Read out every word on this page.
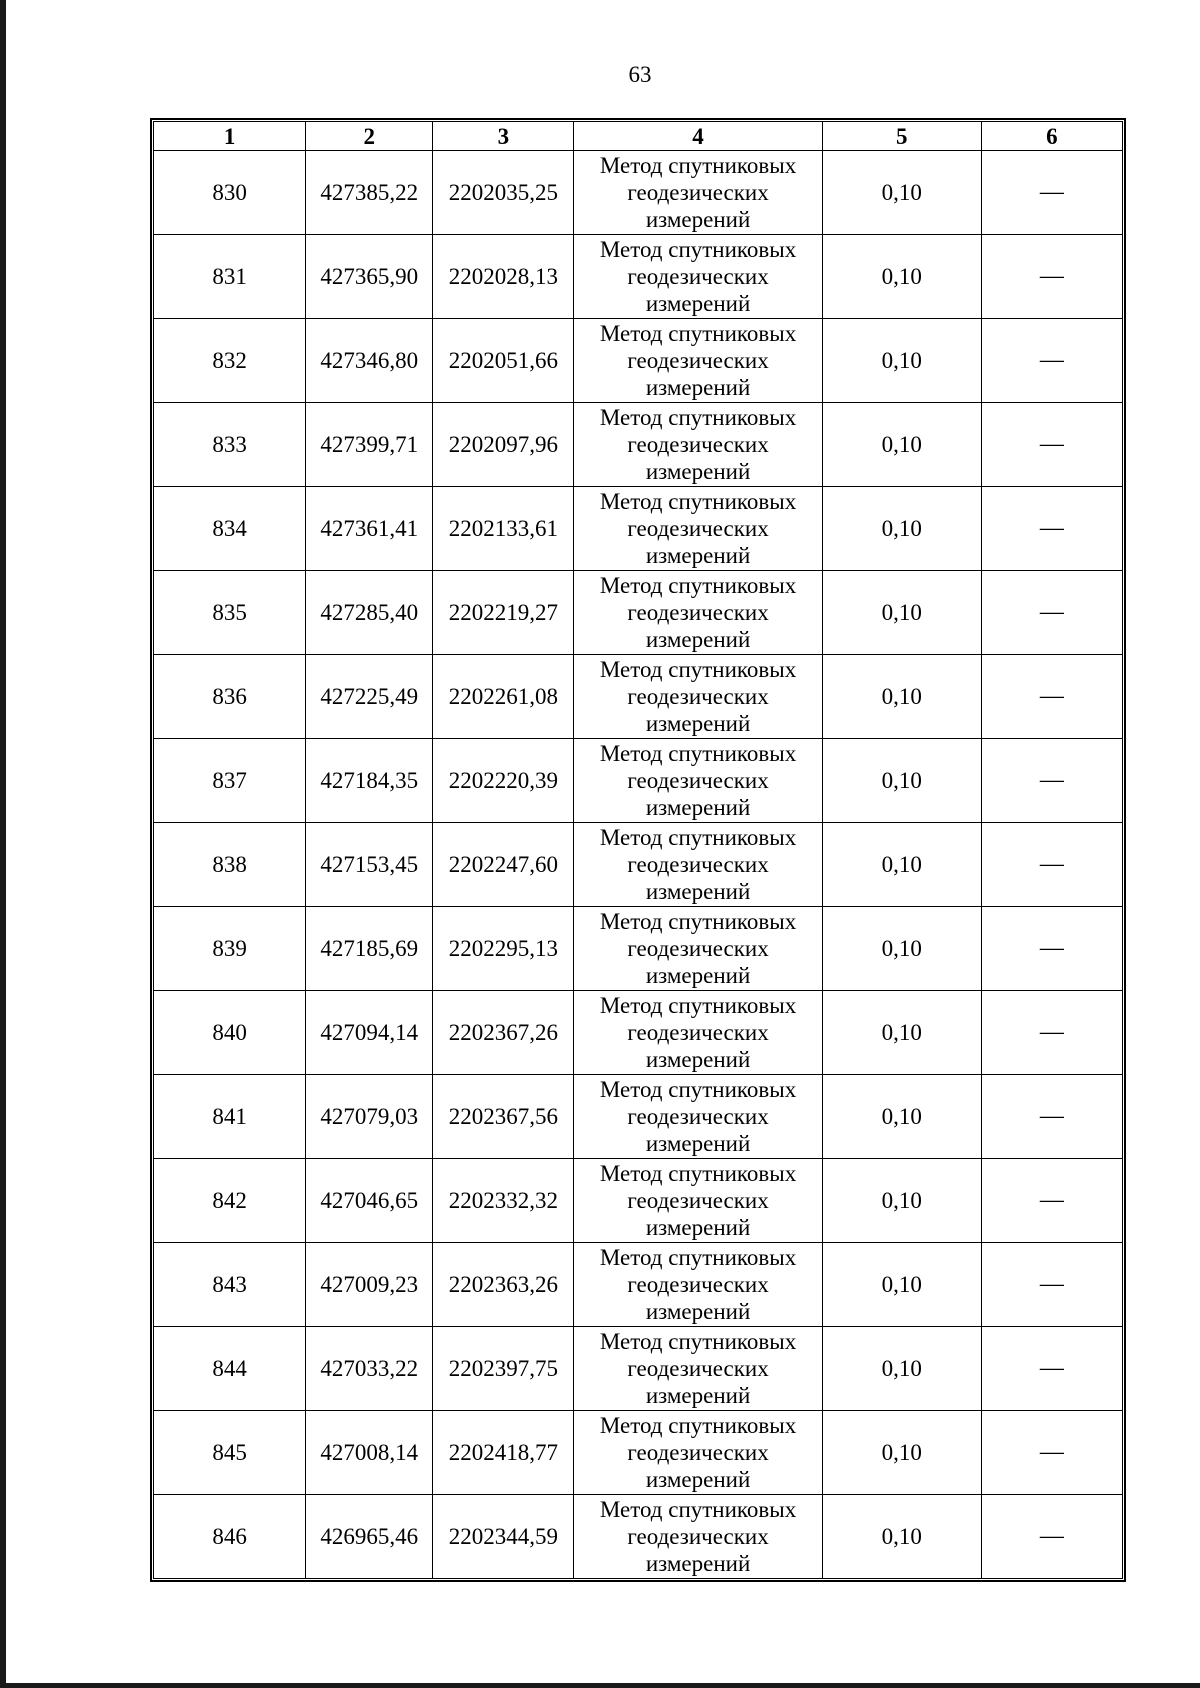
63
1	2	3	4	5	6
830	427385,22	2202035,25	Метод спутниковых геодезических измерений	0,10	—
831	427365,90	2202028,13	Метод спутниковых геодезических измерений	0,10	—
832	427346,80	2202051,66	Метод спутниковых геодезических измерений	0,10	—
833	427399,71	2202097,96	Метод спутниковых геодезических измерений	0,10	—
834	427361,41	2202133,61	Метод спутниковых геодезических измерений	0,10	—
835	427285,40	2202219,27	Метод спутниковых геодезических измерений	0,10	—
836	427225,49	2202261,08	Метод спутниковых геодезических измерений	0,10	—
837	427184,35	2202220,39	Метод спутниковых геодезических измерений	0,10	—
838	427153,45	2202247,60	Метод спутниковых геодезических измерений	0,10	—
839	427185,69	2202295,13	Метод спутниковых геодезических измерений	0,10	—
840	427094,14	2202367,26	Метод спутниковых геодезических измерений	0,10	—
841	427079,03	2202367,56	Метод спутниковых геодезических измерений	0,10	—
842	427046,65	2202332,32	Метод спутниковых геодезических измерений	0,10	—
843	427009,23	2202363,26	Метод спутниковых геодезических измерений	0,10	—
844	427033,22	2202397,75	Метод спутниковых геодезических измерений	0,10	—
845	427008,14	2202418,77	Метод спутниковых геодезических измерений	0,10	—
846	426965,46	2202344,59	Метод спутниковых геодезических измерений	0,10	—
